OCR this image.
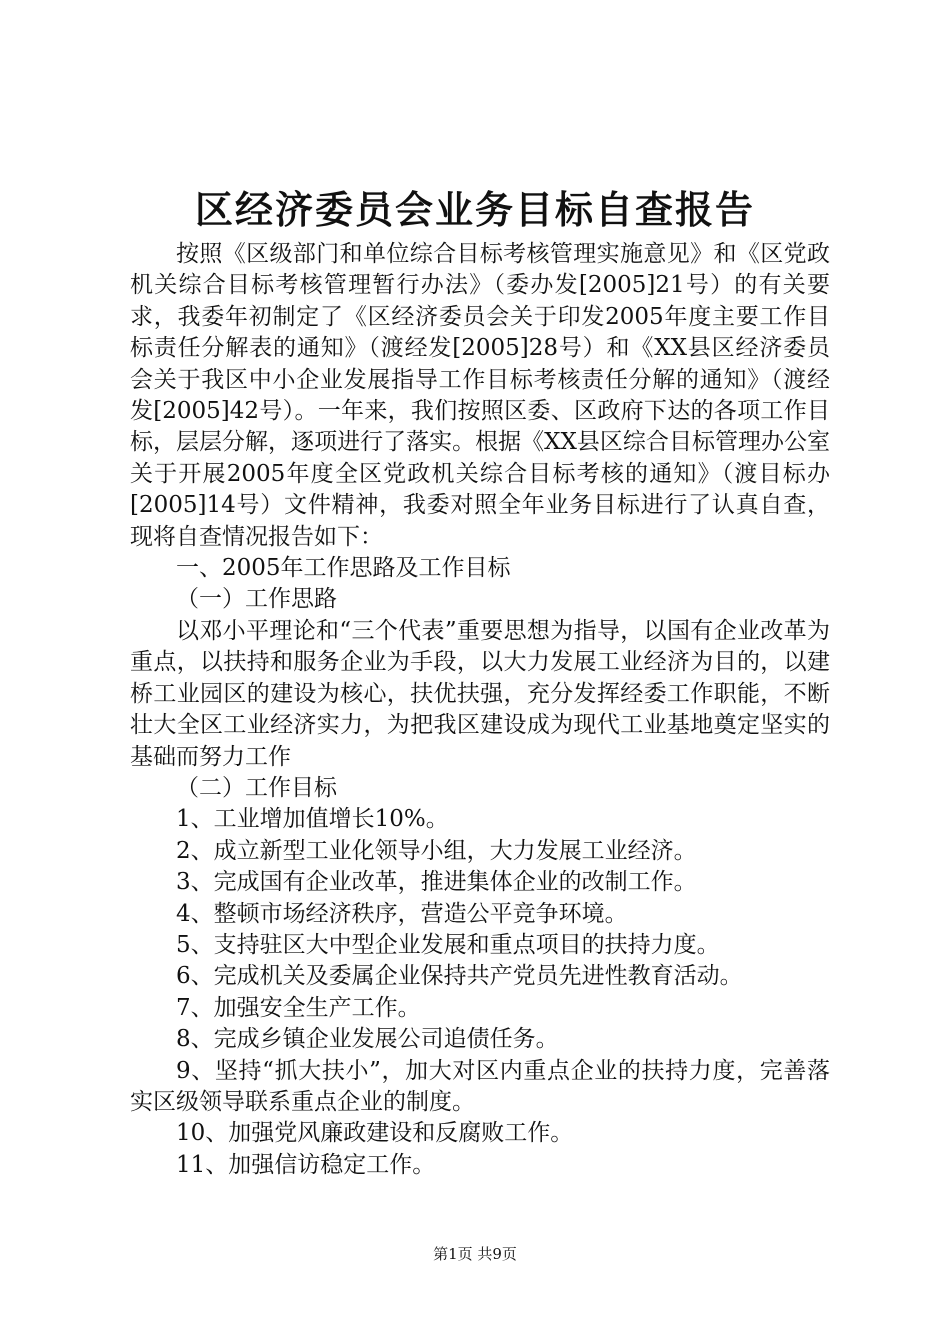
区经济委员会业务目标自查报告

按照《区级部门和单位综合目标考核管理实施意见》和《区党政机关综合目标考核管理暂行办法》（委办发[2005]21号）的有关要求，我委年初制定了《区经济委员会关于印发2005年度主要工作目标责任分解表的通知》（渡经发[2005]28号）和《XX县区经济委员会关于我区中小企业发展指导工作目标考核责任分解的通知》（渡经发[2005]42号）。一年来，我们按照区委、区政府下达的各项工作目标，层层分解，逐项进行了落实。根据《XX县区综合目标管理办公室关于开展2005年度全区党政机关综合目标考核的通知》（渡目标办[2005]14号）文件精神，我委对照全年业务目标进行了认真自查，现将自查情况报告如下：

一、2005年工作思路及工作目标

（一）工作思路

以邓小平理论和“三个代表”重要思想为指导，以国有企业改革为重点，以扶持和服务企业为手段，以大力发展工业经济为目的，以建桥工业园区的建设为核心，扶优扶强，充分发挥经委工作职能，不断壮大全区工业经济实力，为把我区建设成为现代工业基地奠定坚实的基础而努力工作

（二）工作目标

1、工业增加值增长10%。

2、成立新型工业化领导小组，大力发展工业经济。

3、完成国有企业改革，推进集体企业的改制工作。

4、整顿市场经济秩序，营造公平竞争环境。

5、支持驻区大中型企业发展和重点项目的扶持力度。

6、完成机关及委属企业保持共产党员先进性教育活动。

7、加强安全生产工作。

8、完成乡镇企业发展公司追债任务。

9、坚持“抓大扶小”，加大对区内重点企业的扶持力度，完善落实区级领导联系重点企业的制度。

10、加强党风廉政建设和反腐败工作。

11、加强信访稳定工作。

第1页 共9页
